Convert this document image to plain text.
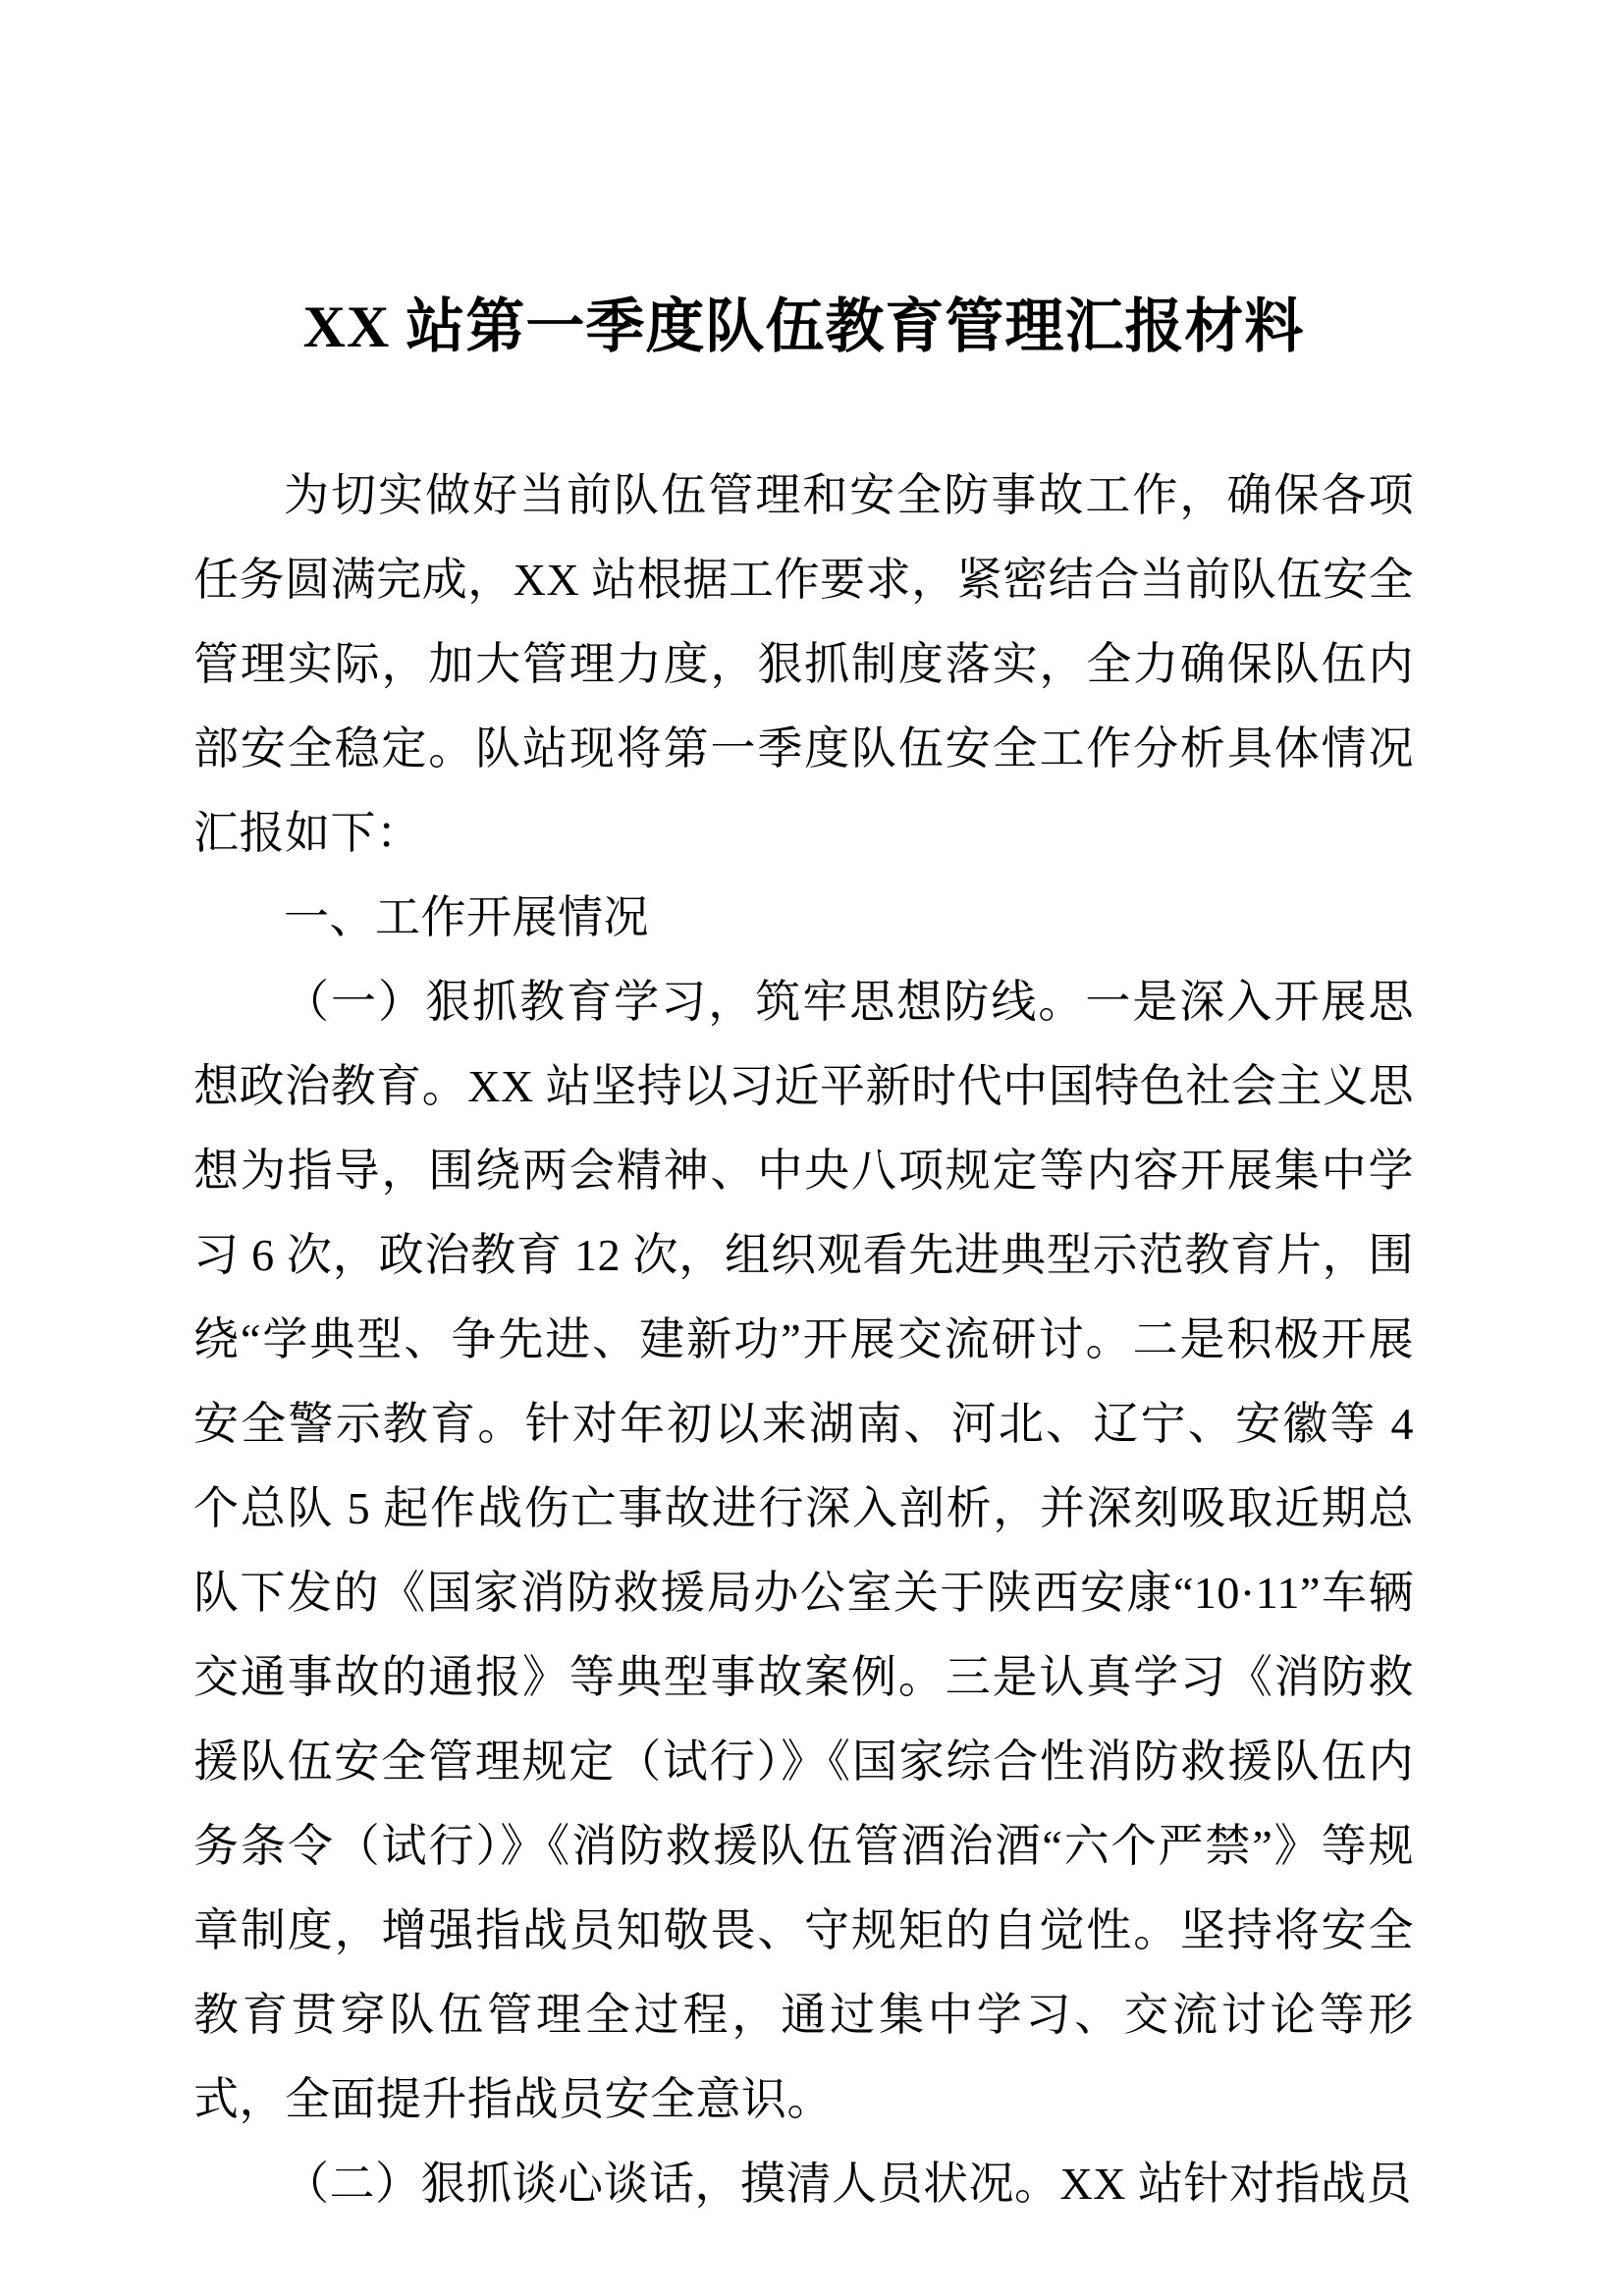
XX 站第一季度队伍教育管理汇报材料

为切实做好当前队伍管理和安全防事故工作，确保各项任务圆满完成，XX 站根据工作要求，紧密结合当前队伍安全管理实际，加大管理力度，狠抓制度落实，全力确保队伍内部安全稳定。队站现将第一季度队伍安全工作分析具体情况汇报如下：

一、工作开展情况

（一）狠抓教育学习，筑牢思想防线。一是深入开展思想政治教育。XX 站坚持以习近平新时代中国特色社会主义思想为指导，围绕两会精神、中央八项规定等内容开展集中学习 6 次，政治教育 12 次，组织观看先进典型示范教育片，围绕“学典型、争先进、建新功”开展交流研讨。二是积极开展安全警示教育。针对年初以来湖南、河北、辽宁、安徽等 4 个总队 5 起作战伤亡事故进行深入剖析，并深刻吸取近期总队下发的《国家消防救援局办公室关于陕西安康“10·11”车辆交通事故的通报》等典型事故案例。三是认真学习《消防救援队伍安全管理规定（试行）》《国家综合性消防救援队伍内务条令（试行）》《消防救援队伍管酒治酒“六个严禁”》等规章制度，增强指战员知敬畏、守规矩的自觉性。坚持将安全教育贯穿队伍管理全过程，通过集中学习、交流讨论等形式，全面提升指战员安全意识。

（二）狠抓谈心谈话，摸清人员状况。XX 站针对指战员
